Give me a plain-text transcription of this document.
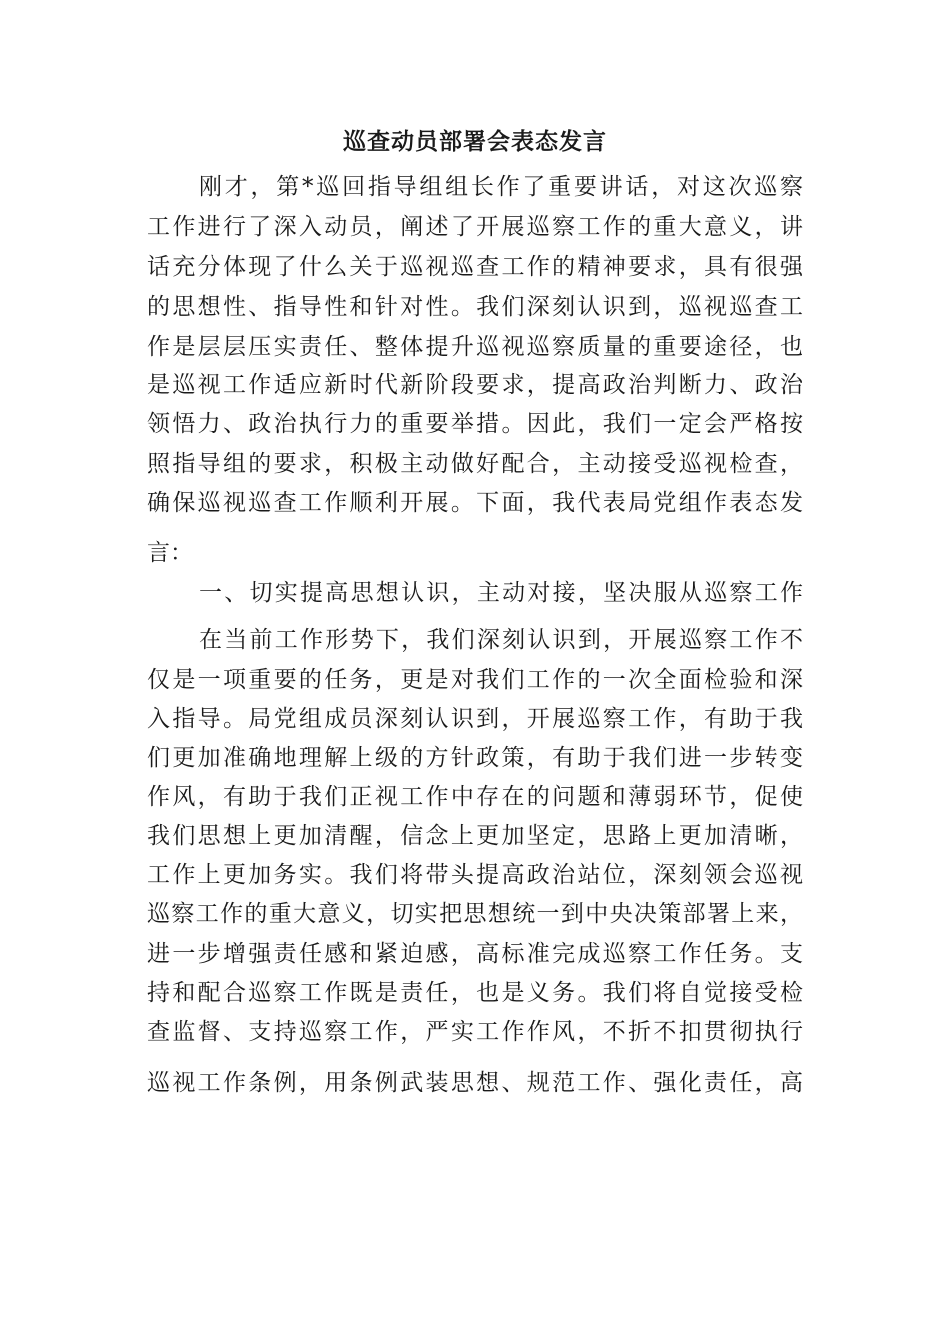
巡查动员部署会表态发言
刚才，第*巡回指导组组长作了重要讲话，对这次巡察
工作进行了深入动员，阐述了开展巡察工作的重大意义，讲
话充分体现了什么关于巡视巡查工作的精神要求，具有很强
的思想性、指导性和针对性。我们深刻认识到，巡视巡查工
作是层层压实责任、整体提升巡视巡察质量的重要途径，也
是巡视工作适应新时代新阶段要求，提高政治判断力、政治
领悟力、政治执行力的重要举措。因此，我们一定会严格按
照指导组的要求，积极主动做好配合，主动接受巡视检查，
确保巡视巡查工作顺利开展。下面，我代表局党组作表态发
言：
一、切实提高思想认识，主动对接，坚决服从巡察工作
在当前工作形势下，我们深刻认识到，开展巡察工作不
仅是一项重要的任务，更是对我们工作的一次全面检验和深
入指导。局党组成员深刻认识到，开展巡察工作，有助于我
们更加准确地理解上级的方针政策，有助于我们进一步转变
作风，有助于我们正视工作中存在的问题和薄弱环节，促使
我们思想上更加清醒，信念上更加坚定，思路上更加清晰，
工作上更加务实。我们将带头提高政治站位，深刻领会巡视
巡察工作的重大意义，切实把思想统一到中央决策部署上来，
进一步增强责任感和紧迫感，高标准完成巡察工作任务。支
持和配合巡察工作既是责任，也是义务。我们将自觉接受检
查监督、支持巡察工作，严实工作作风，不折不扣贯彻执行
巡视工作条例，用条例武装思想、规范工作、强化责任，高
